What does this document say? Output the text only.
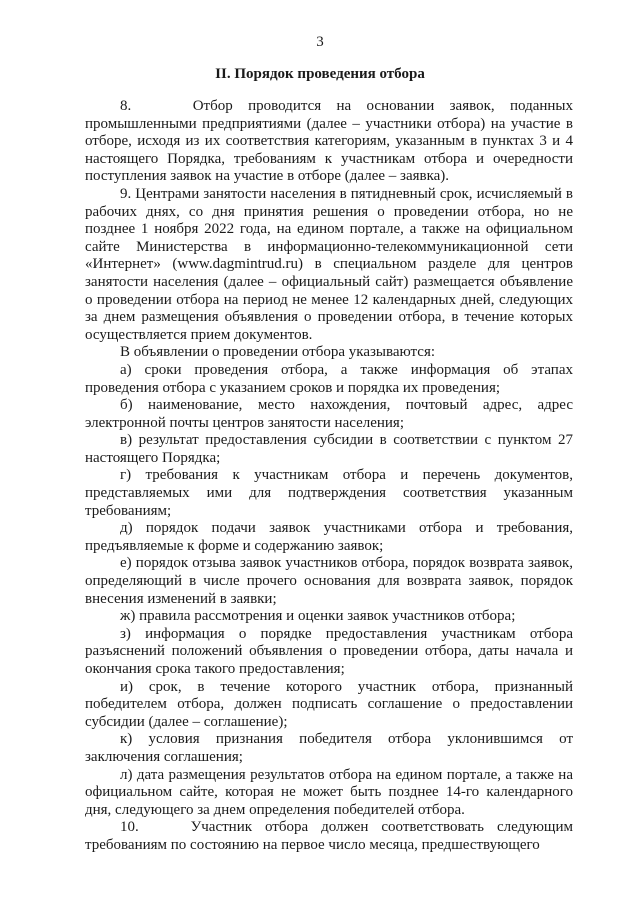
3
II. Порядок проведения отбора

8.    Отбор проводится на основании заявок, поданных промышленными предприятиями (далее – участники отбора) на участие в отборе, исходя из их соответствия категориям, указанным в пунктах 3 и 4 настоящего Порядка, требованиям к участникам отбора и очередности поступления заявок на участие в отборе (далее – заявка).

9. Центрами занятости населения в пятидневный срок, исчисляемый в рабочих днях, со дня принятия решения о проведении отбора, но не позднее 1 ноября 2022 года, на едином портале, а также на официальном сайте Министерства в информационно-телекоммуникационной сети «Интернет» (www.dagmintrud.ru) в специальном разделе для центров занятости населения (далее – официальный сайт) размещается объявление о проведении отбора на период не менее 12 календарных дней, следующих за днем размещения объявления о проведении отбора, в течение которых осуществляется прием документов.

В объявлении о проведении отбора указываются:

а) сроки проведения отбора, а также информация об этапах проведения отбора с указанием сроков и порядка их проведения;

б) наименование, место нахождения, почтовый адрес, адрес электронной почты центров занятости населения;

в) результат предоставления субсидии в соответствии с пунктом 27 настоящего Порядка;

г) требования к участникам отбора и перечень документов, представляемых ими для подтверждения соответствия указанным требованиям;

д) порядок подачи заявок участниками отбора и требования, предъявляемые к форме и содержанию заявок;

е) порядок отзыва заявок участников отбора, порядок возврата заявок, определяющий в числе прочего основания для возврата заявок, порядок внесения изменений в заявки;

ж) правила рассмотрения и оценки заявок участников отбора;

з) информация о порядке предоставления участникам отбора разъяснений положений объявления о проведении отбора, даты начала и окончания срока такого предоставления;

и) срок, в течение которого участник отбора, признанный победителем отбора, должен подписать соглашение о предоставлении субсидии (далее – соглашение);

к) условия признания победителя отбора уклонившимся от заключения соглашения;

л) дата размещения результатов отбора на едином портале, а также на официальном сайте, которая не может быть позднее 14-го календарного дня, следующего за днем определения победителей отбора.

10.    Участник отбора должен соответствовать следующим требованиям по состоянию на первое число месяца, предшествующего
